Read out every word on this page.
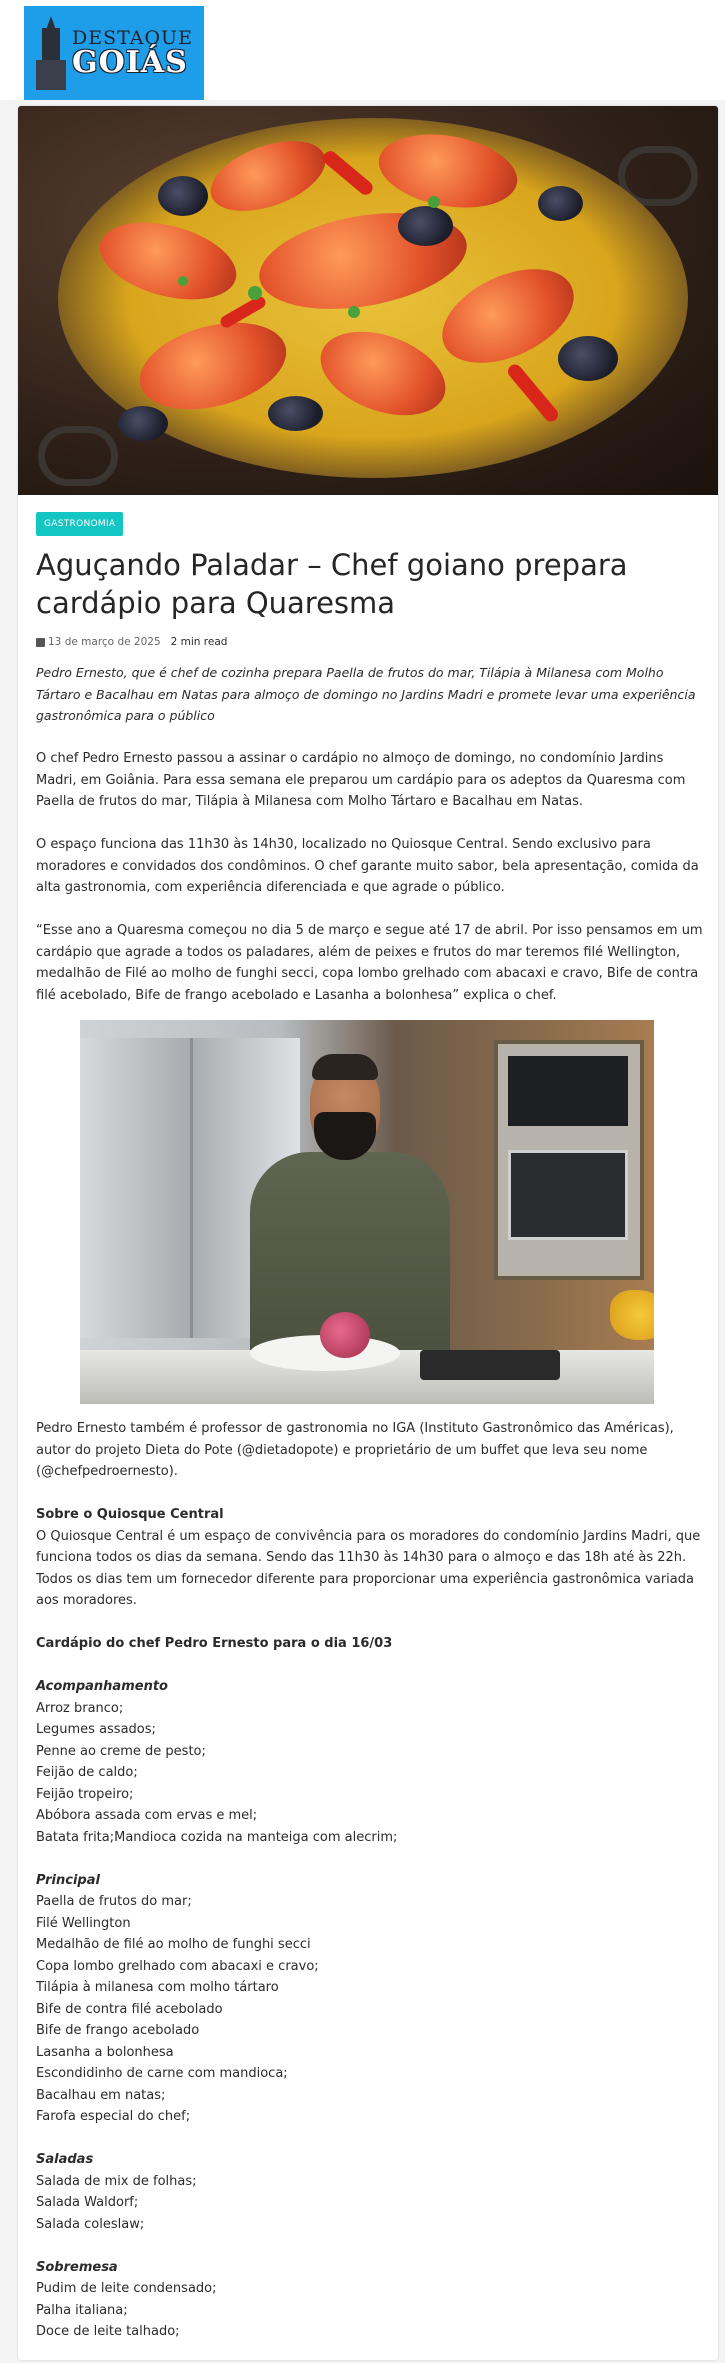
DESTAQUE
GOIÁS
GASTRONOMIA
Aguçando Paladar – Chef goiano prepara cardápio para Quaresma
13 de março de 2025 2 min read

Pedro Ernesto, que é chef de cozinha prepara Paella de frutos do mar, Tilápia à Milanesa com Molho Tártaro e Bacalhau em Natas para almoço de domingo no Jardins Madri e promete levar uma experiência gastronômica para o público

O chef Pedro Ernesto passou a assinar o cardápio no almoço de domingo, no condomínio Jardins Madri, em Goiânia. Para essa semana ele preparou um cardápio para os adeptos da Quaresma com Paella de frutos do mar, Tilápia à Milanesa com Molho Tártaro e Bacalhau em Natas.

O espaço funciona das 11h30 às 14h30, localizado no Quiosque Central. Sendo exclusivo para moradores e convidados dos condôminos. O chef garante muito sabor, bela apresentação, comida da alta gastronomia, com experiência diferenciada e que agrade o público.

“Esse ano a Quaresma começou no dia 5 de março e segue até 17 de abril. Por isso pensamos em um cardápio que agrade a todos os paladares, além de peixes e frutos do mar teremos filé Wellington, medalhão de Filé ao molho de funghi secci, copa lombo grelhado com abacaxi e cravo, Bife de contra filé acebolado, Bife de frango acebolado e Lasanha a bolonhesa” explica o chef.

Pedro Ernesto também é professor de gastronomia no IGA (Instituto Gastronômico das Américas), autor do projeto Dieta do Pote (@dietadopote) e proprietário de um buffet que leva seu nome (@chefpedroernesto).

Sobre o Quiosque Central
O Quiosque Central é um espaço de convivência para os moradores do condomínio Jardins Madri, que funciona todos os dias da semana. Sendo das 11h30 às 14h30 para o almoço e das 18h até às 22h. Todos os dias tem um fornecedor diferente para proporcionar uma experiência gastronômica variada aos moradores.

Cardápio do chef Pedro Ernesto para o dia 16/03

Acompanhamento
Arroz branco;
Legumes assados;
Penne ao creme de pesto;
Feijão de caldo;
Feijão tropeiro;
Abóbora assada com ervas e mel;
Batata frita;Mandioca cozida na manteiga com alecrim;
Principal
Paella de frutos do mar;
Filé Wellington
Medalhão de filé ao molho de funghi secci
Copa lombo grelhado com abacaxi e cravo;
Tilápia à milanesa com molho tártaro
Bife de contra filé acebolado
Bife de frango acebolado
Lasanha a bolonhesa
Escondidinho de carne com mandioca;
Bacalhau em natas;
Farofa especial do chef;
Saladas
Salada de mix de folhas;
Salada Waldorf;
Salada coleslaw;
Sobremesa
Pudim de leite condensado;
Palha italiana;
Doce de leite talhado;
